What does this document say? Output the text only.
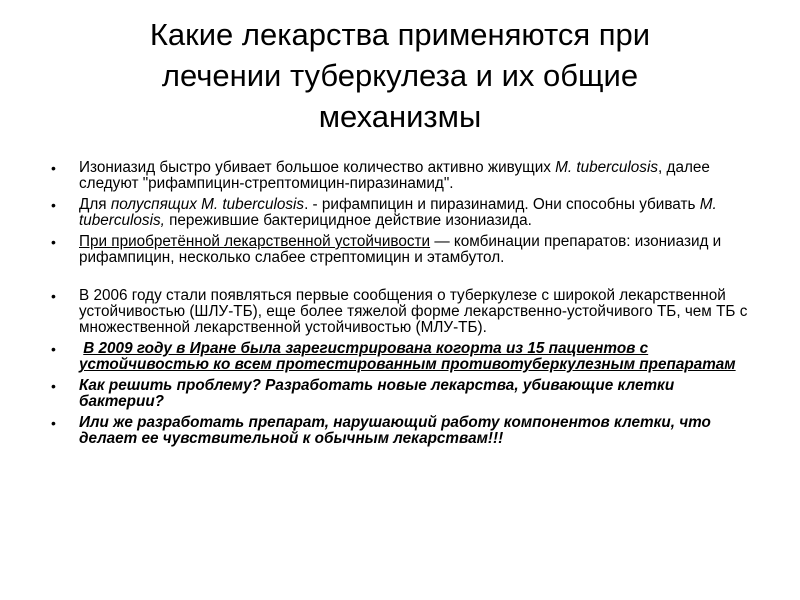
Какие лекарства применяются при
лечении туберкулеза и их общие
механизмы
• Изониазид быстро убивает большое количество активно живущих M. tuberculosis, далее следуют "рифампицин-стрептомицин-пиразинамид".
• Для полуспящих M. tuberculosis. - рифампицин и пиразинамид. Они способны убивать M. tuberculosis, пережившие бактерицидное действие изониазида.
• При приобретённой лекарственной устойчивости — комбинации препаратов: изониазид и рифампицин, несколько слабее стрептомицин и этамбутол.
• В 2006 году стали появляться первые сообщения о туберкулезе с широкой лекарственной устойчивостью (ШЛУ-ТБ), еще более тяжелой форме лекарственно-устойчивого ТБ, чем ТБ с множественной лекарственной устойчивостью (МЛУ-ТБ).
• В 2009 году в Иране была зарегистрирована когорта из 15 пациентов с устойчивостью ко всем протестированным противотуберкулезным препаратам
• Как решить проблему? Разработать новые лекарства, убивающие клетки бактерии?
• Или же разработать препарат, нарушающий работу компонентов клетки, что делает ее чувствительной к обычным лекарствам!!!
